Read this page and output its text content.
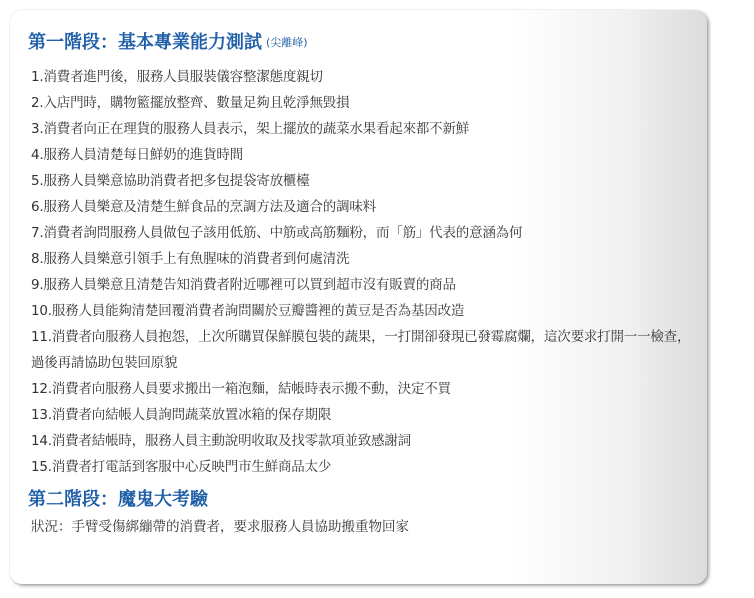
第一階段：基本專業能力測試 (尖離峰)
1.消費者進門後，服務人員服裝儀容整潔態度親切
2.入店門時，購物籃擺放整齊、數量足夠且乾淨無毀損
3.消費者向正在理貨的服務人員表示，架上擺放的蔬菜水果看起來都不新鮮
4.服務人員清楚每日鮮奶的進貨時間
5.服務人員樂意協助消費者把多包提袋寄放櫃檯
6.服務人員樂意及清楚生鮮食品的烹調方法及適合的調味料
7.消費者詢問服務人員做包子該用低筋、中筋或高筋麵粉，而「筋」代表的意涵為何
8.服務人員樂意引領手上有魚腥味的消費者到何處清洗
9.服務人員樂意且清楚告知消費者附近哪裡可以買到超市沒有販賣的商品
10.服務人員能夠清楚回覆消費者詢問關於豆瓣醬裡的黃豆是否為基因改造
11.消費者向服務人員抱怨，上次所購買保鮮膜包裝的蔬果，一打開卻發現已發霉腐爛，這次要求打開一一檢查，過後再請協助包裝回原貌
12.消費者向服務人員要求搬出一箱泡麵，結帳時表示搬不動，決定不買
13.消費者向結帳人員詢問蔬菜放置冰箱的保存期限
14.消費者結帳時，服務人員主動說明收取及找零款項並致感謝詞
15.消費者打電話到客服中心反映門市生鮮商品太少
第二階段：魔鬼大考驗
狀況：手臂受傷綁繃帶的消費者，要求服務人員協助搬重物回家
